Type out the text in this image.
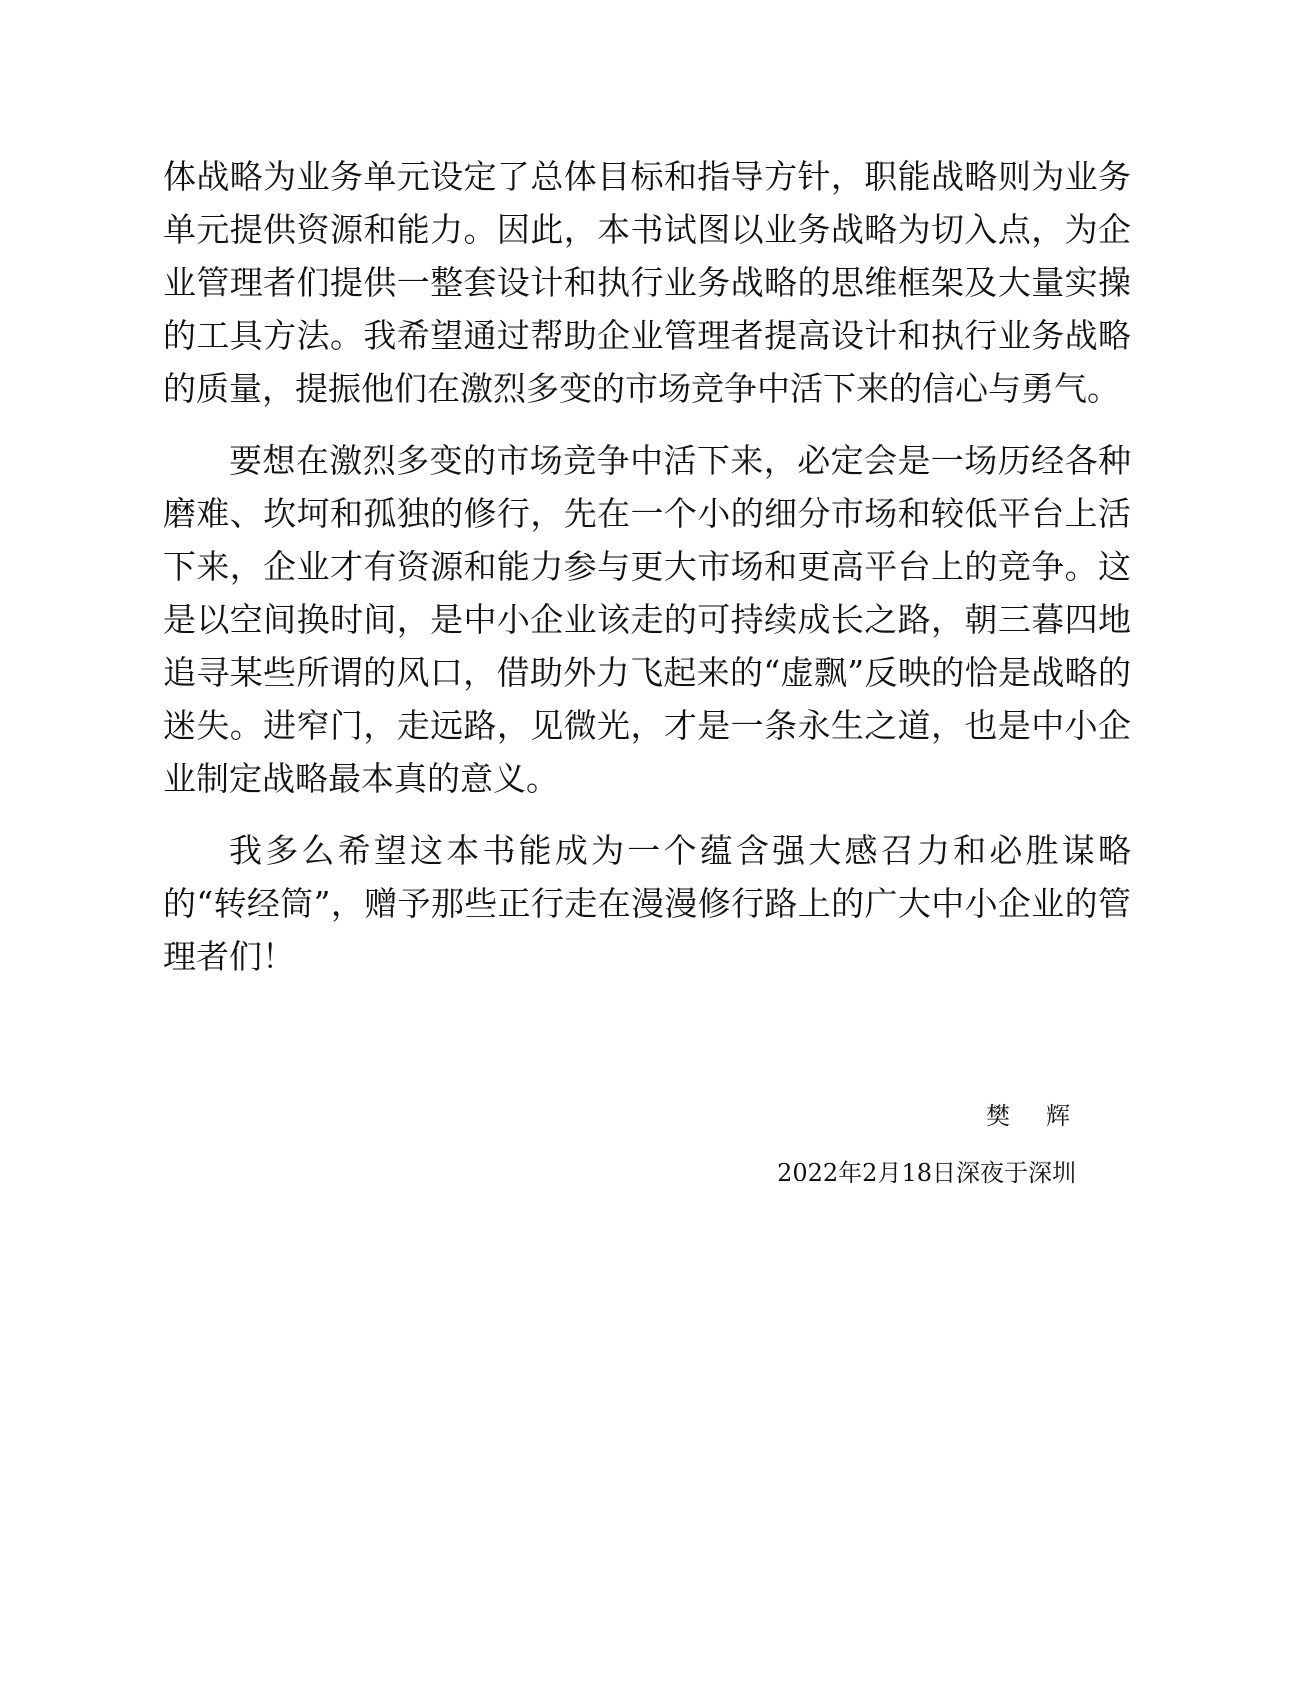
体战略为业务单元设定了总体目标和指导方针，职能战略则为业务单元提供资源和能力。因此，本书试图以业务战略为切入点，为企业管理者们提供一整套设计和执行业务战略的思维框架及大量实操的工具方法。我希望通过帮助企业管理者提高设计和执行业务战略的质量，提振他们在激烈多变的市场竞争中活下来的信心与勇气。

要想在激烈多变的市场竞争中活下来，必定会是一场历经各种磨难、坎坷和孤独的修行，先在一个小的细分市场和较低平台上活下来，企业才有资源和能力参与更大市场和更高平台上的竞争。这是以空间换时间，是中小企业该走的可持续成长之路，朝三暮四地追寻某些所谓的风口，借助外力飞起来的“虚飘”反映的恰是战略的迷失。进窄门，走远路，见微光，才是一条永生之道，也是中小企业制定战略最本真的意义。

我多么希望这本书能成为一个蕴含强大感召力和必胜谋略的“转经筒”，赠予那些正行走在漫漫修行路上的广大中小企业的管理者们！

樊　辉
2022年2月18日深夜于深圳
